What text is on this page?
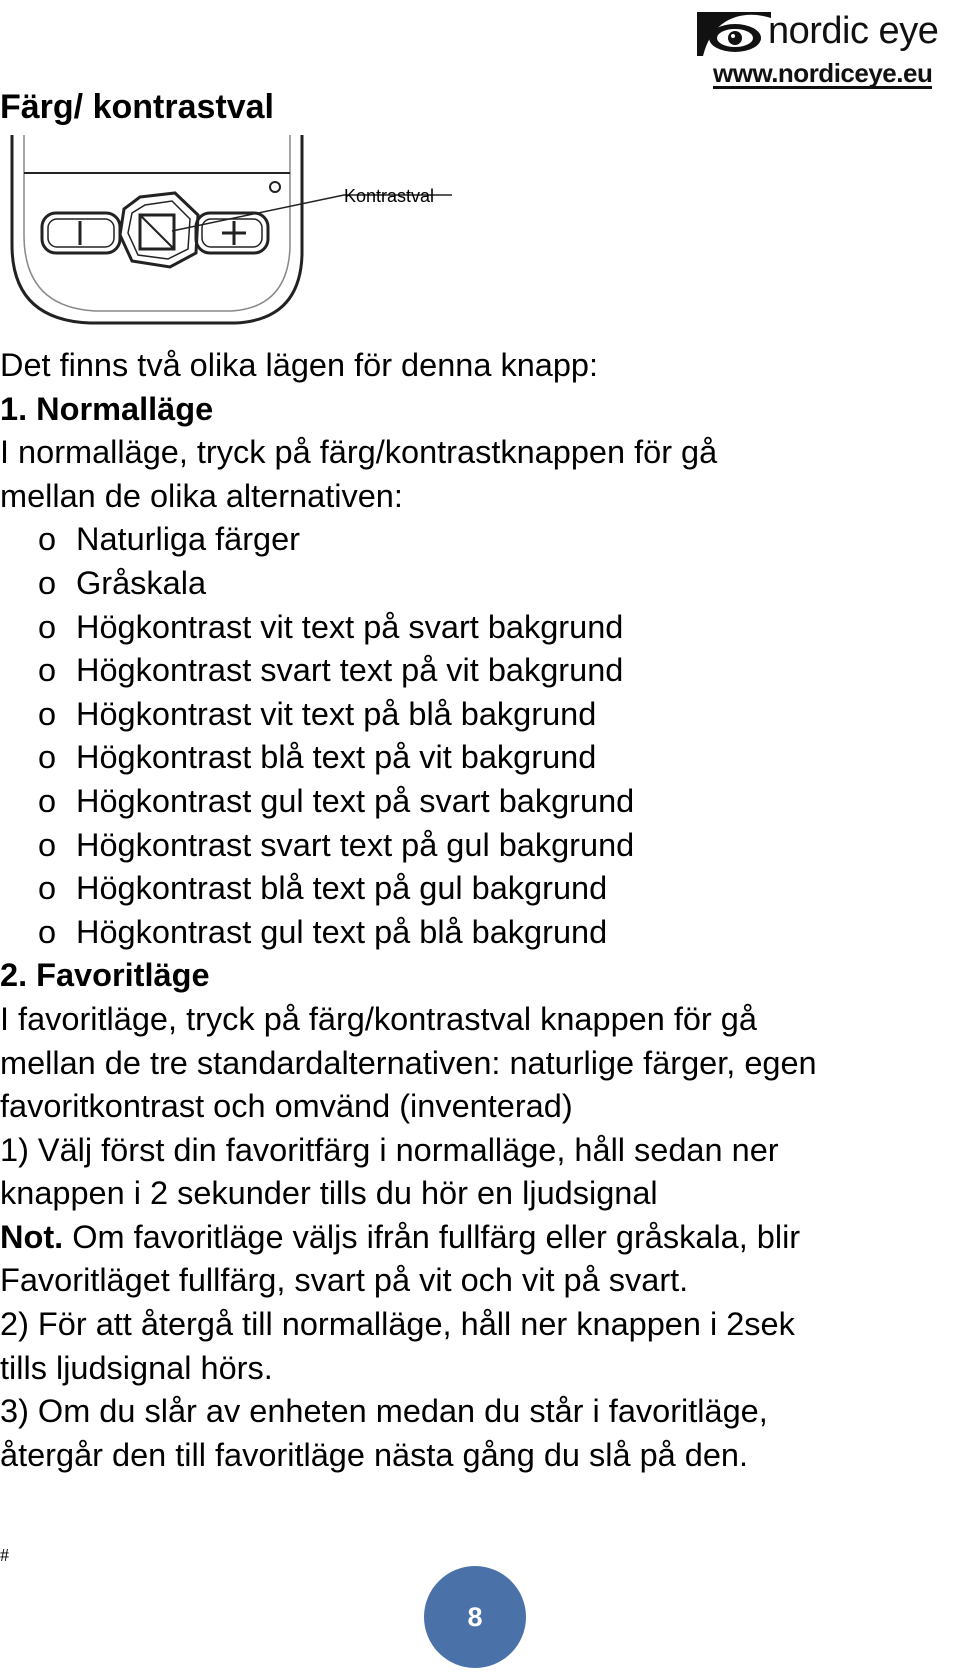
nordic eye
www.nordiceye.eu
Färg/ kontrastval
Kontrastval
Det finns två olika lägen för denna knapp:
1. Normalläge
I normalläge, tryck på färg/kontrastknappen för gå
mellan de olika alternativen:
o Naturliga färger
o Gråskala
o Högkontrast vit text på svart bakgrund
o Högkontrast svart text på vit bakgrund
o Högkontrast vit text på blå bakgrund
o Högkontrast blå text på vit bakgrund
o Högkontrast gul text på svart bakgrund
o Högkontrast svart text på gul bakgrund
o Högkontrast blå text på gul bakgrund
o Högkontrast gul text på blå bakgrund
2. Favoritläge
I favoritläge, tryck på färg/kontrastval knappen för gå
mellan de tre standardalternativen: naturlige färger, egen
favoritkontrast och omvänd (inventerad)
1) Välj först din favoritfärg i normalläge, håll sedan ner
knappen i 2 sekunder tills du hör en ljudsignal
Not. Om favoritläge väljs ifrån fullfärg eller gråskala, blir
Favoritläget fullfärg, svart på vit och vit på svart.
2) För att återgå till normalläge, håll ner knappen i 2sek
tills ljudsignal hörs.
3) Om du slår av enheten medan du står i favoritläge,
återgår den till favoritläge nästa gång du slå på den.
#
8
